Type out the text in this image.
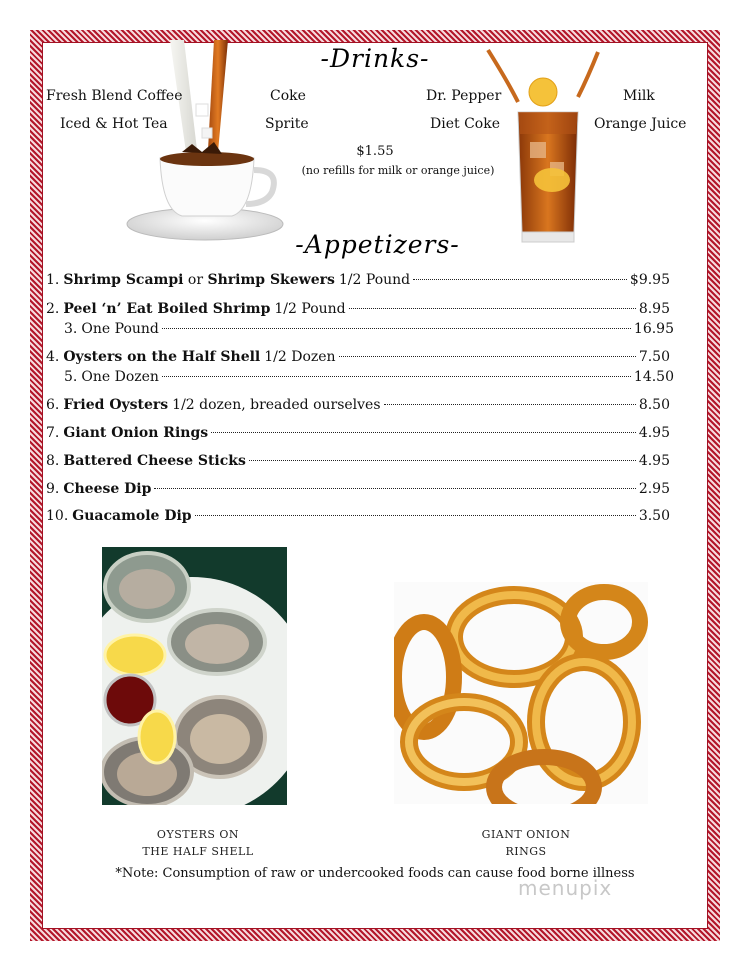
-Drinks-
Fresh Blend Coffee
Iced & Hot Tea
Coke
Sprite
Dr. Pepper
Diet Coke
Milk
Orange Juice
$1.55
(no refills for milk or orange juice)
-Appetizers-
1. Shrimp Scampi or Shrimp Skewers 1/2 Pound	$9.95
2. Peel ‘n’ Eat Boiled Shrimp 1/2 Pound	8.95
3. One Pound	16.95
4. Oysters on the Half Shell 1/2 Dozen	7.50
5. One Dozen	14.50
6. Fried Oysters 1/2 dozen, breaded ourselves	8.50
7. Giant Onion Rings	4.95
8. Battered Cheese Sticks	4.95
9. Cheese Dip	2.95
10. Guacamole Dip	3.50
OYSTERS ON
THE HALF SHELL
GIANT ONION
RINGS
*Note: Consumption of raw or undercooked foods can cause food borne illness
menupix
